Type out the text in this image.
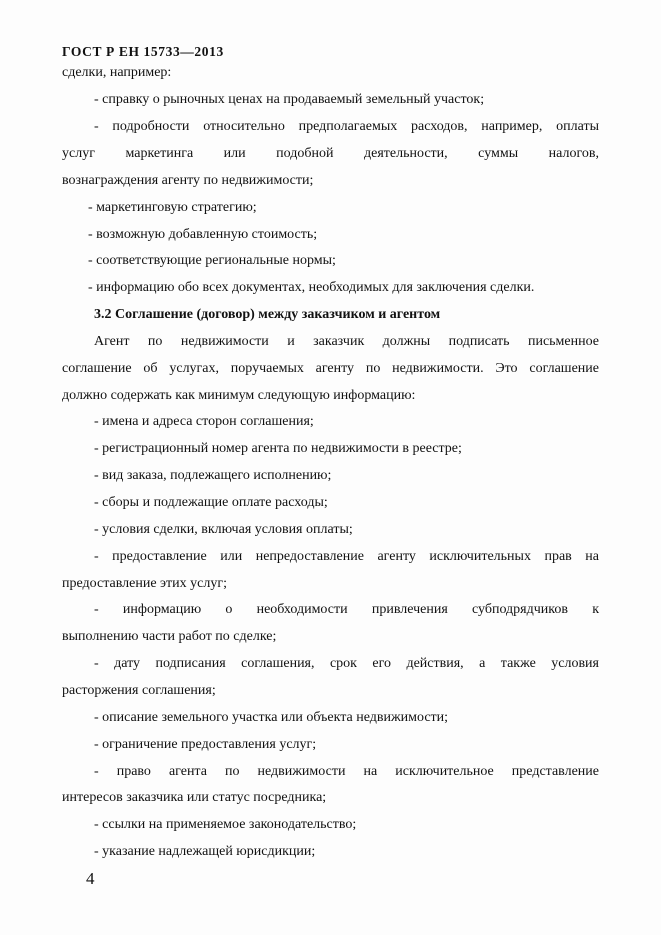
ГОСТ Р ЕН 15733—2013
сделки, например:
- справку о рыночных ценах на продаваемый земельный участок;
- подробности относительно предполагаемых расходов, например, оплаты
услуг маркетинга или подобной деятельности, суммы налогов,
вознаграждения агенту по недвижимости;
- маркетинговую стратегию;
- возможную добавленную стоимость;
- соответствующие региональные нормы;
- информацию обо всех документах, необходимых для заключения сделки.
3.2 Соглашение (договор) между заказчиком и агентом
Агент по недвижимости и заказчик должны подписать письменное
соглашение об услугах, поручаемых агенту по недвижимости. Это соглашение
должно содержать как минимум следующую информацию:
- имена и адреса сторон соглашения;
- регистрационный номер агента по недвижимости в реестре;
- вид заказа, подлежащего исполнению;
- сборы и подлежащие оплате расходы;
- условия сделки, включая условия оплаты;
- предоставление или непредоставление агенту исключительных прав на
предоставление этих услуг;
- информацию о необходимости привлечения субподрядчиков к
выполнению части работ по сделке;
- дату подписания соглашения, срок его действия, а также условия
расторжения соглашения;
- описание земельного участка или объекта недвижимости;
- ограничение предоставления услуг;
- право агента по недвижимости на исключительное представление
интересов заказчика или статус посредника;
- ссылки на применяемое законодательство;
- указание надлежащей юрисдикции;
4
